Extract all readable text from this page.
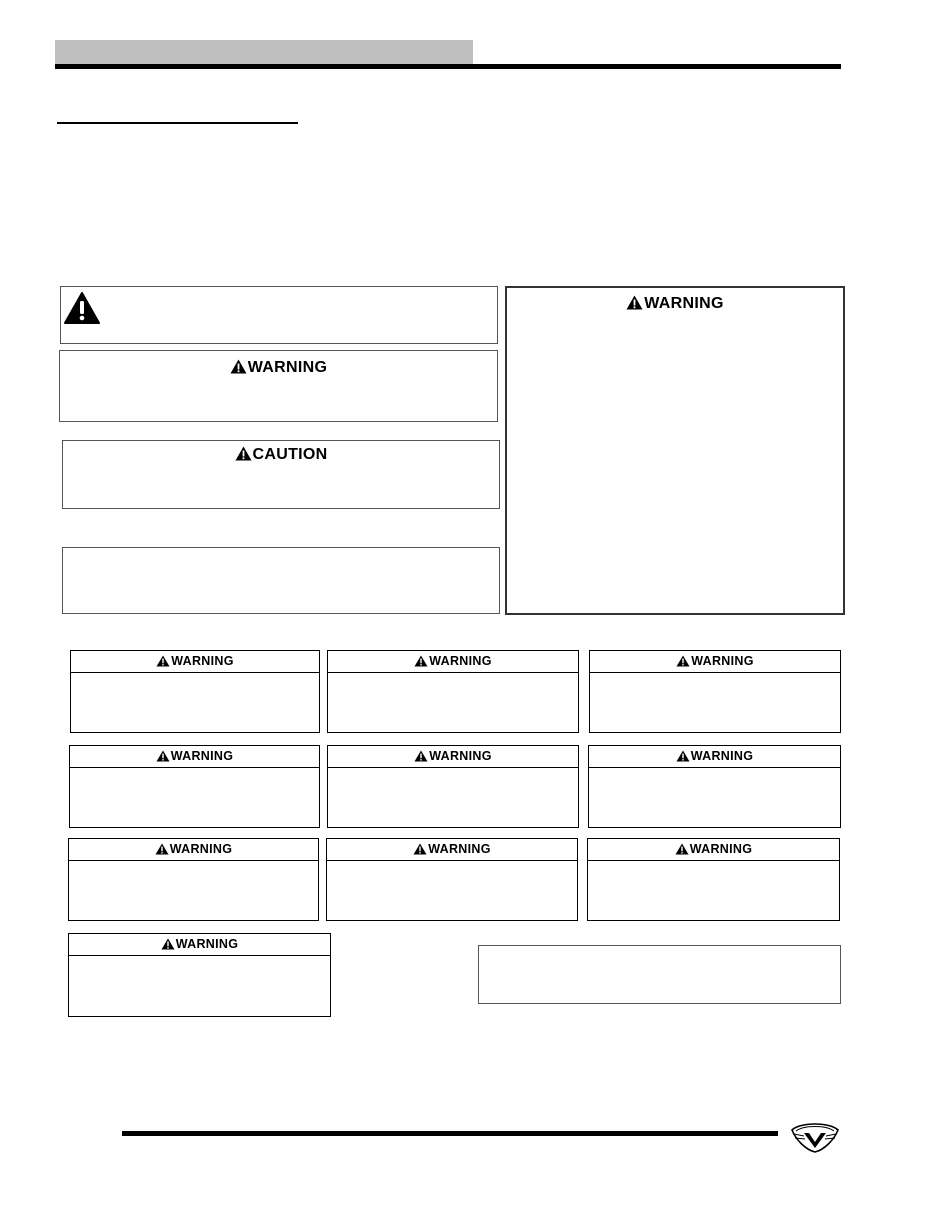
WARNING
CAUTION
WARNING
WARNING	WARNING	WARNING
WARNING	WARNING	WARNING
WARNING	WARNING	WARNING
WARNING
